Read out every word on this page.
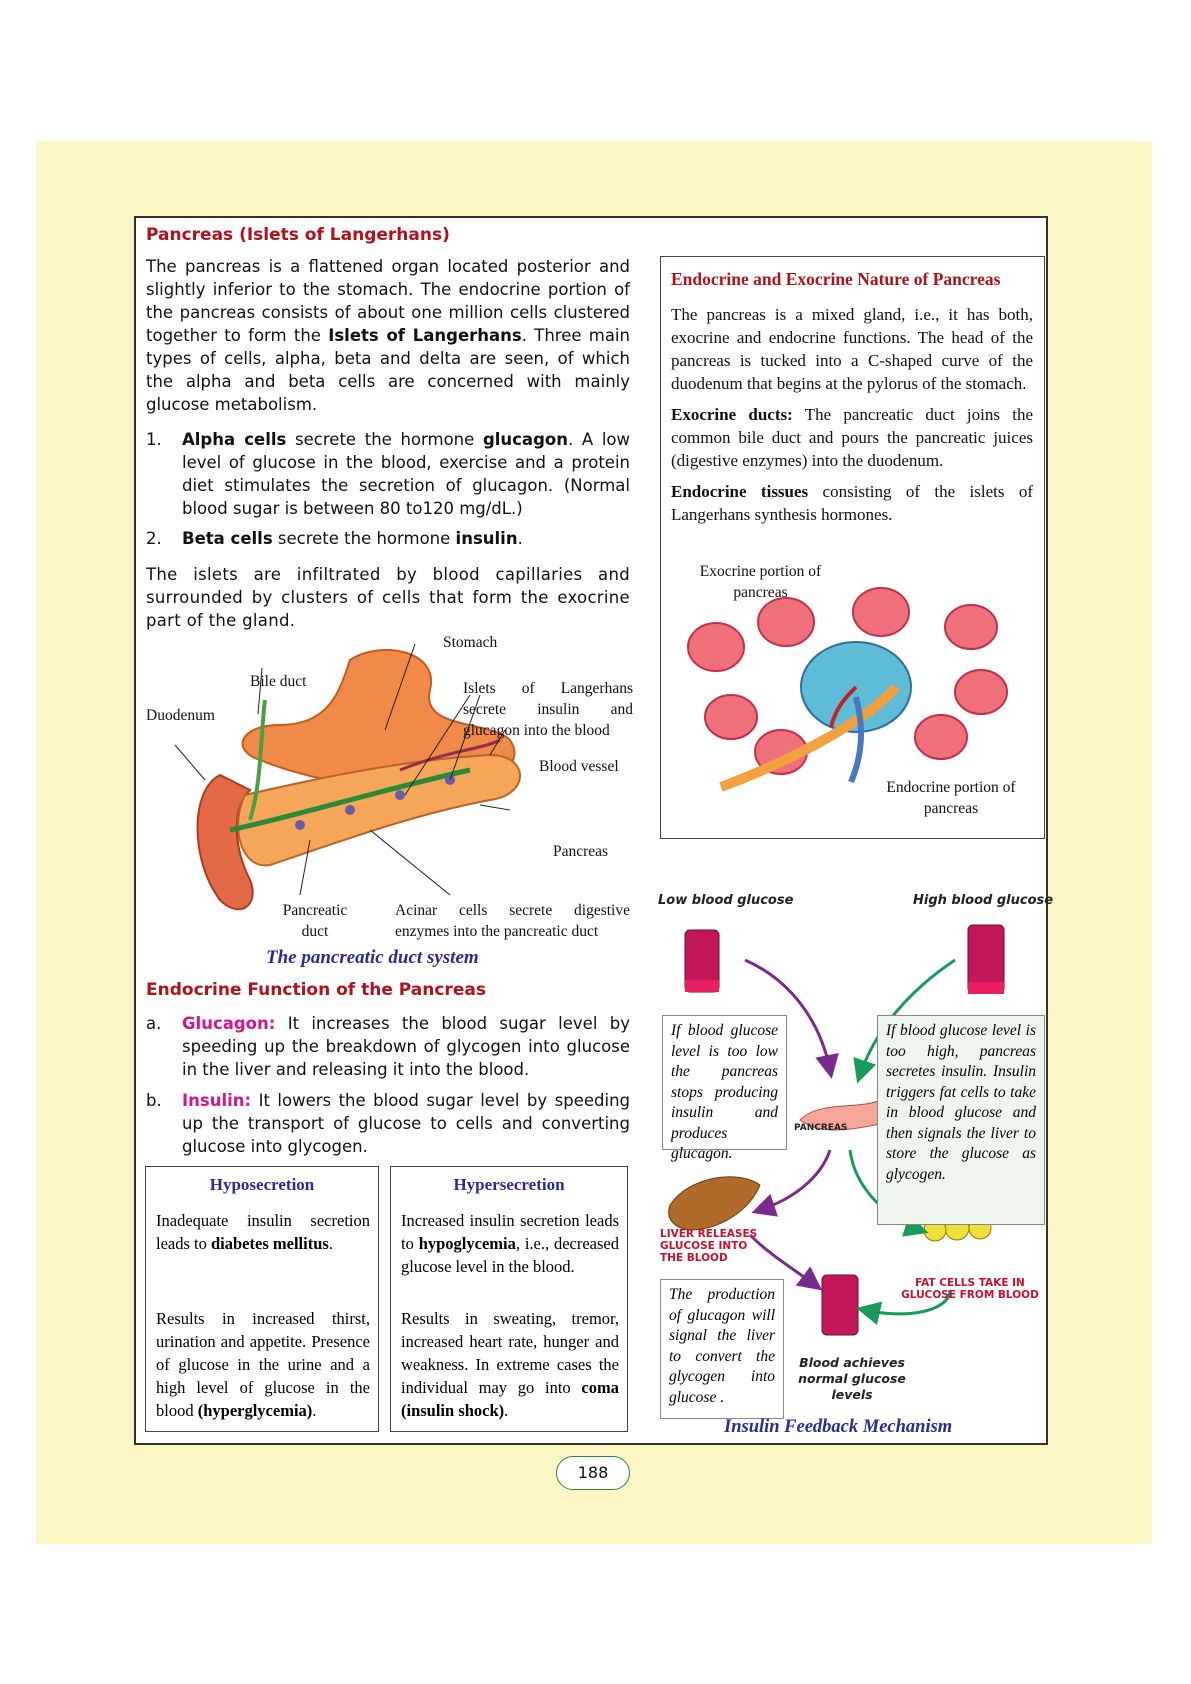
Pancreas (Islets of Langerhans)
The pancreas is a flattened organ located posterior and slightly inferior to the stomach. The endocrine portion of the pancreas consists of about one million cells clustered together to form the Islets of Langerhans. Three main types of cells, alpha, beta and delta are seen, of which the alpha and beta cells are concerned with mainly glucose metabolism.
1.	Alpha cells secrete the hormone glucagon. A low level of glucose in the blood, exercise and a protein diet stimulates the secretion of glucagon. (Normal blood sugar is between 80 to120 mg/dL.)
2.	Beta cells secrete the hormone insulin.
The islets are infiltrated by blood capillaries and surrounded by clusters of cells that form the exocrine part of the gland.
Stomach
Bile duct
Duodenum
Islets of Langerhans secrete insulin and glucagon into the blood
Blood vessel
Pancreas
Pancreatic
duct
Acinar cells secrete digestive enzymes into the pancreatic duct
The pancreatic duct system
Endocrine and Exocrine Nature of Pancreas
The pancreas is a mixed gland, i.e., it has both, exocrine and endocrine functions. The head of the pancreas is tucked into a C-shaped curve of the duodenum that begins at the pylorus of the stomach.
Exocrine ducts: The pancreatic duct joins the common bile duct and pours the pancreatic juices (digestive enzymes) into the duodenum.
Endocrine tissues consisting of the islets of Langerhans synthesis hormones.
Exocrine portion of
pancreas
Endocrine portion of
pancreas
Endocrine Function of the Pancreas
a.	Glucagon: It increases the blood sugar level by speeding up the breakdown of glycogen into glucose in the liver and releasing it into the blood.
b.	Insulin: It lowers the blood sugar level by speeding up the transport of glucose to cells and converting glucose into glycogen.
Hyposecretion
Inadequate insulin secretion leads to diabetes mellitus.
Results in increased thirst, urination and appetite. Presence of glucose in the urine and a high level of glucose in the blood (hyperglycemia).
Hypersecretion
Increased insulin secretion leads to hypoglycemia, i.e., decreased glucose level in the blood.
Results in sweating, tremor, increased heart rate, hunger and weakness. In extreme cases the individual may go into coma (insulin shock).
Low blood glucose	High blood glucose
If blood glucose level is too low the pancreas stops producing insulin and produces glucagon.
If blood glucose level is too high, pancreas secretes insulin. Insulin triggers fat cells to take in blood glucose and then signals the liver to store the glucose as glycogen.
PANCREAS
LIVER RELEASES GLUCOSE INTO THE BLOOD
FAT CELLS TAKE IN GLUCOSE FROM BLOOD
The production of glucagon will signal the liver to convert the glycogen into glucose .
Blood achieves normal glucose levels
Insulin Feedback Mechanism
188
